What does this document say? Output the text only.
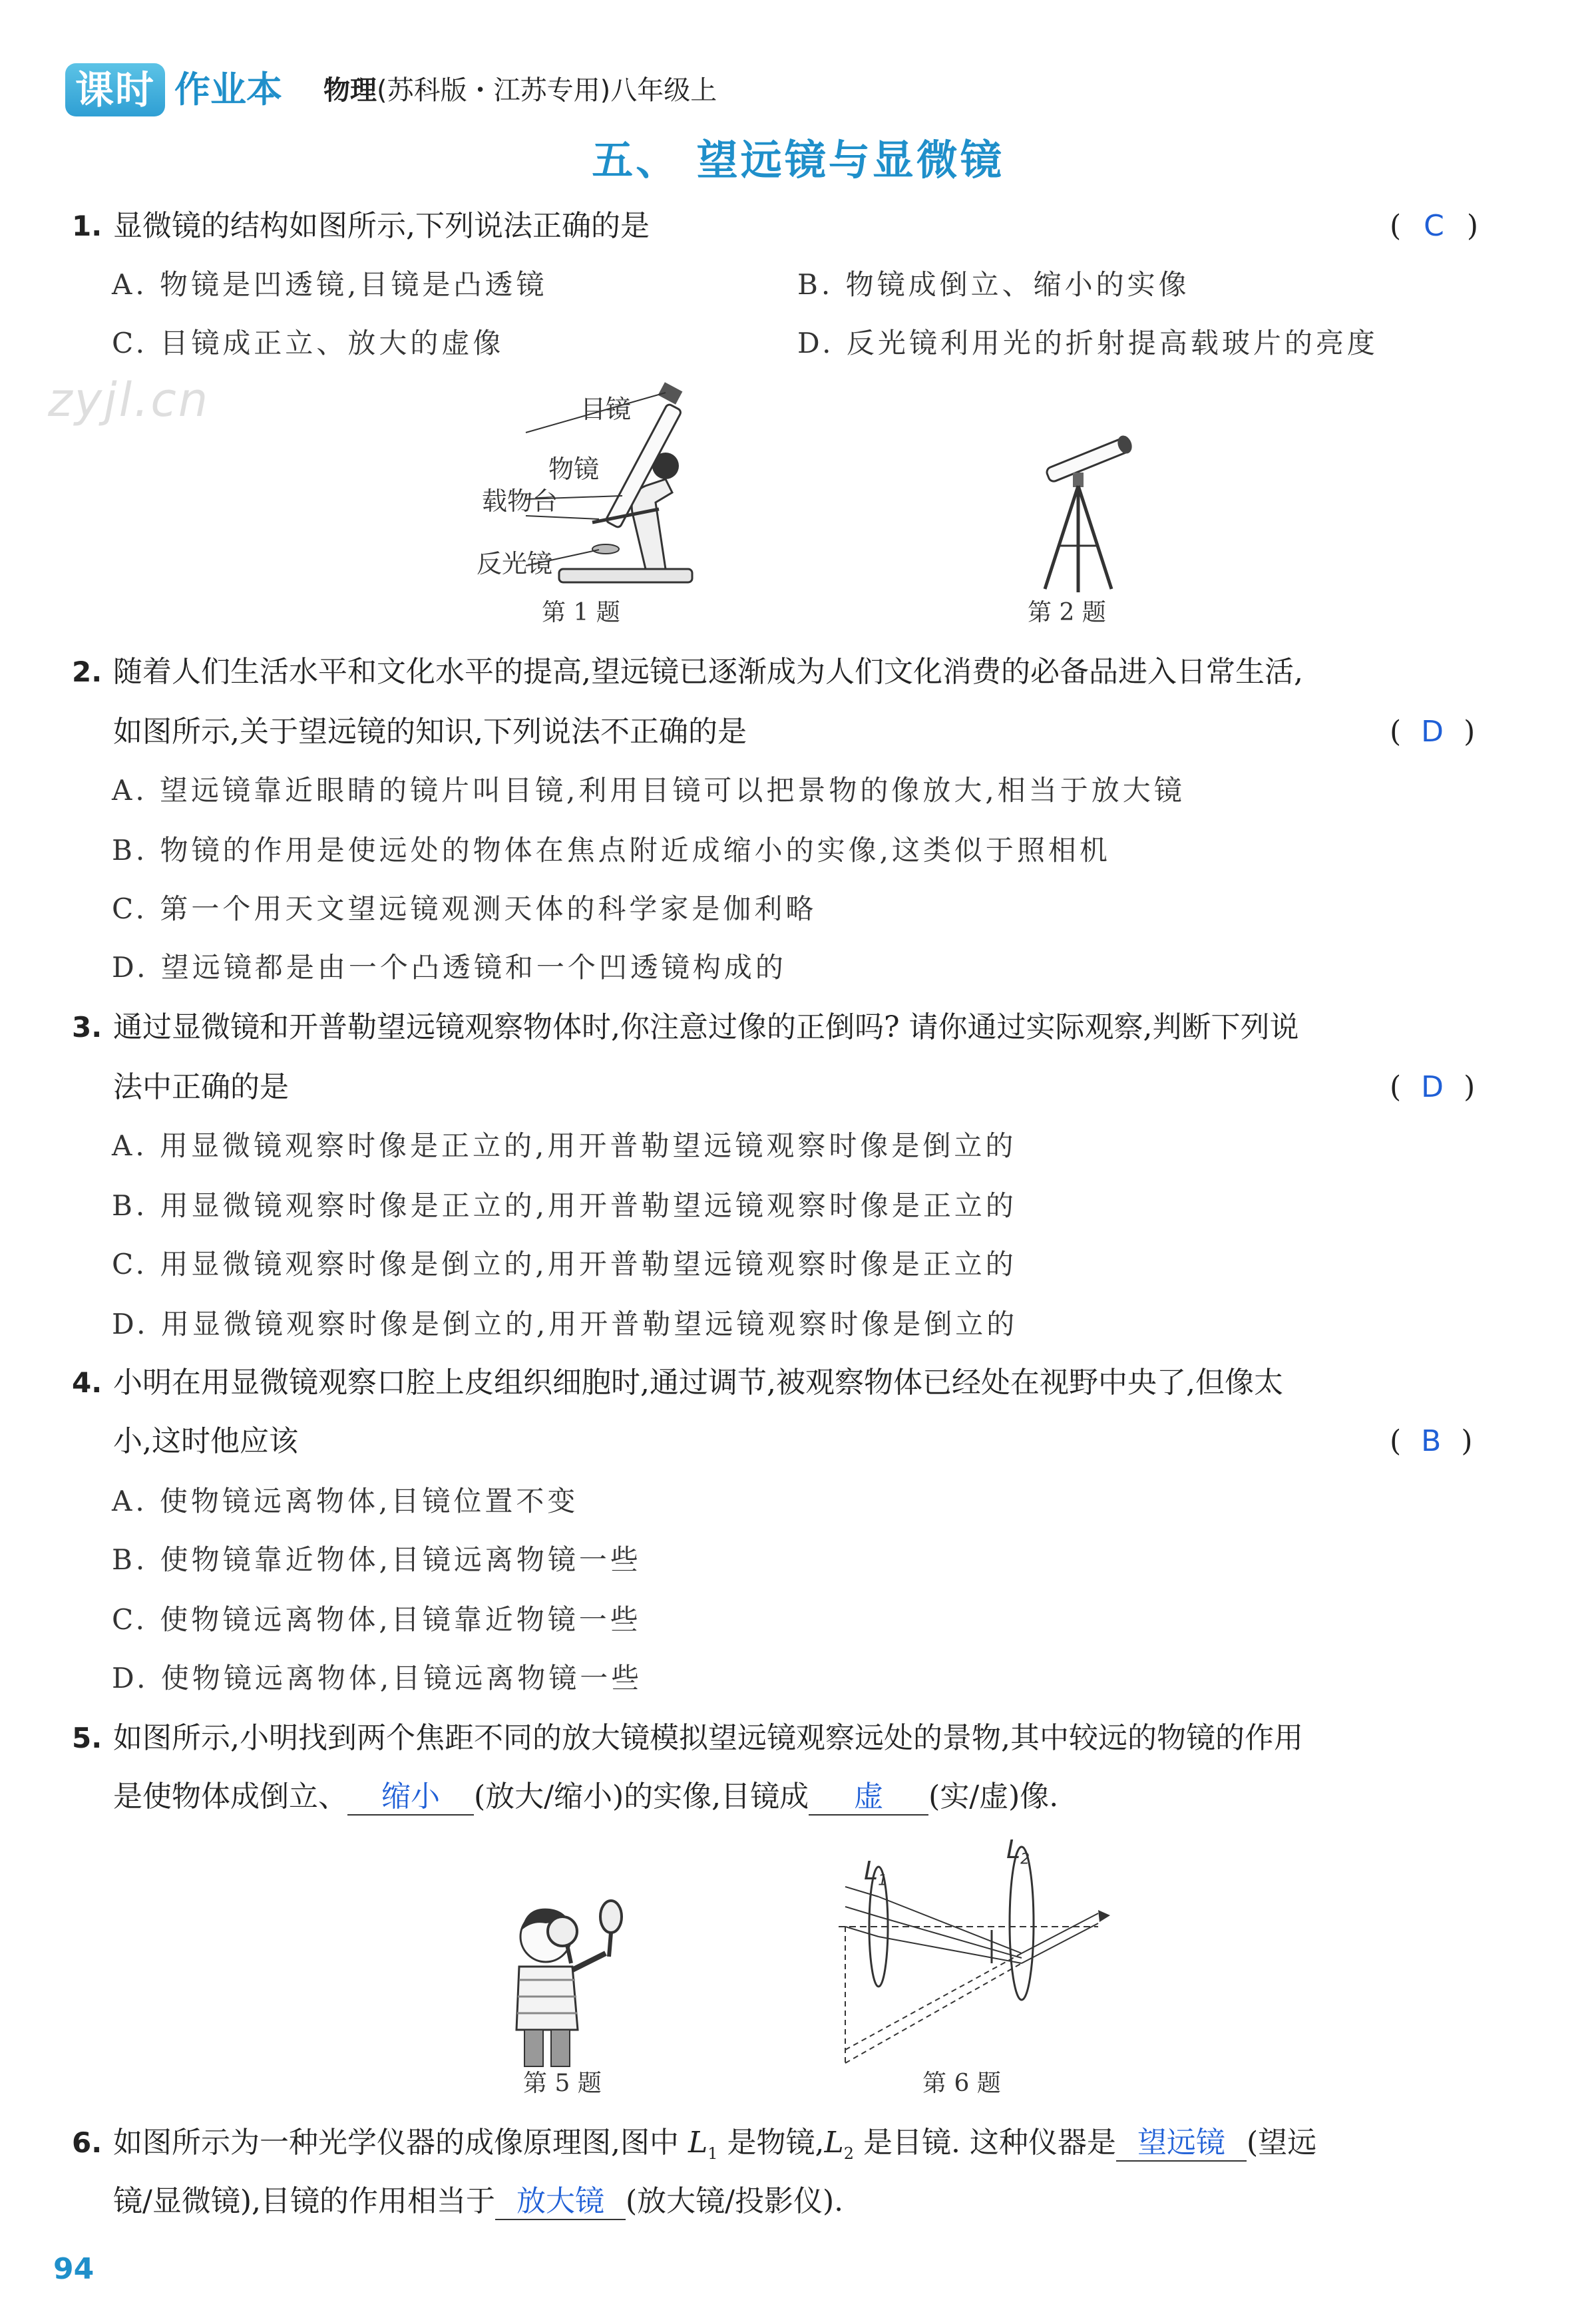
课时 作业本 物理(苏科版・江苏专用)八年级上
五、 望远镜与显微镜
zyjl.cn
1. 显微镜的结构如图所示,下列说法正确的是	( C )
A. 物镜是凹透镜,目镜是凸透镜	B. 物镜成倒立、缩小的实像
C. 目镜成正立、放大的虚像	D. 反光镜利用光的折射提高载玻片的亮度
目镜
物镜
载物台
反光镜
第 1 题	第 2 题
2. 随着人们生活水平和文化水平的提高,望远镜已逐渐成为人们文化消费的必备品进入日常生活,
如图所示,关于望远镜的知识,下列说法不正确的是	( D )
A. 望远镜靠近眼睛的镜片叫目镜,利用目镜可以把景物的像放大,相当于放大镜
B. 物镜的作用是使远处的物体在焦点附近成缩小的实像,这类似于照相机
C. 第一个用天文望远镜观测天体的科学家是伽利略
D. 望远镜都是由一个凸透镜和一个凹透镜构成的
3. 通过显微镜和开普勒望远镜观察物体时,你注意过像的正倒吗? 请你通过实际观察,判断下列说
法中正确的是	( D )
A. 用显微镜观察时像是正立的,用开普勒望远镜观察时像是倒立的
B. 用显微镜观察时像是正立的,用开普勒望远镜观察时像是正立的
C. 用显微镜观察时像是倒立的,用开普勒望远镜观察时像是正立的
D. 用显微镜观察时像是倒立的,用开普勒望远镜观察时像是倒立的
4. 小明在用显微镜观察口腔上皮组织细胞时,通过调节,被观察物体已经处在视野中央了,但像太
小,这时他应该	( B )
A. 使物镜远离物体,目镜位置不变
B. 使物镜靠近物体,目镜远离物镜一些
C. 使物镜远离物体,目镜靠近物镜一些
D. 使物镜远离物体,目镜远离物镜一些
5. 如图所示,小明找到两个焦距不同的放大镜模拟望远镜观察远处的景物,其中较远的物镜的作用
是使物体成倒立、 缩小 (放大/缩小)的实像,目镜成 虚 (实/虚)像.
第 5 题
$L_1$
$L_2$
第 6 题
6. 如图所示为一种光学仪器的成像原理图,图中 $L_1$ 是物镜$,L_2$ 是目镜. 这种仪器是 望远镜 (望远
镜/显微镜),目镜的作用相当于 放大镜 (放大镜/投影仪).
94
